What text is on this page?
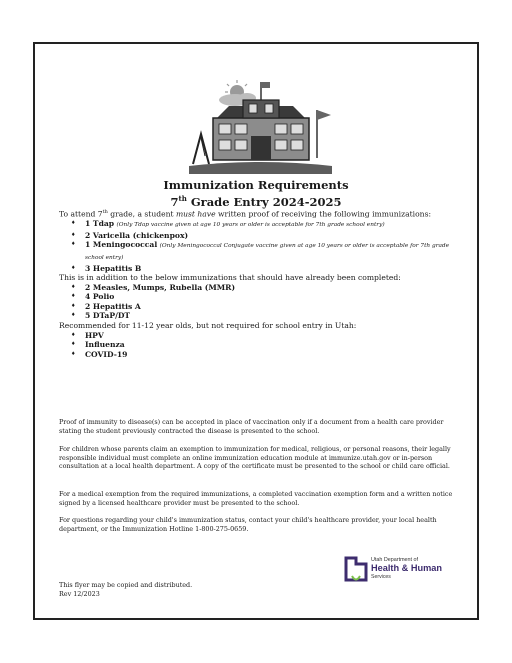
Immunization Requirements
7th Grade Entry 2024-2025
To attend 7th grade, a student must have written proof of receiving the following immunizations:
♦ 1 Tdap (Only Tdap vaccine given at age 10 years or older is acceptable for 7th grade school entry)
♦ 2 Varicella (chickenpox)
♦ 1 Meningococcal (Only Meningococcal Conjugate vaccine given at age 10 years or older is acceptable for 7th grade school entry)
♦ 3 Hepatitis B
This is in addition to the below immunizations that should have already been completed:
♦ 2 Measles, Mumps, Rubella (MMR)
♦ 4 Polio
♦ 2 Hepatitis A
♦ 5 DTaP/DT
Recommended for 11-12 year olds, but not required for school entry in Utah:
♦ HPV
♦ Influenza
♦ COVID-19
Proof of immunity to disease(s) can be accepted in place of vaccination only if a document from a health care provider stating the student previously contracted the disease is presented to the school.
For children whose parents claim an exemption to immunization for medical, religious, or personal reasons, their legally responsible individual must complete an online immunization education module at immunize.utah.gov or in-person consultation at a local health department. A copy of the certificate must be presented to the school or child care official.
For a medical exemption from the required immunizations, a completed vaccination exemption form and a written notice signed by a licensed healthcare provider must be presented to the school.
For questions regarding your child's immunization status, contact your child's healthcare provider, your local health department, or the Immunization Hotline 1-800-275-0659.
This flyer may be copied and distributed.
Rev 12/2023
Utah Department of
Health & Human
Services
